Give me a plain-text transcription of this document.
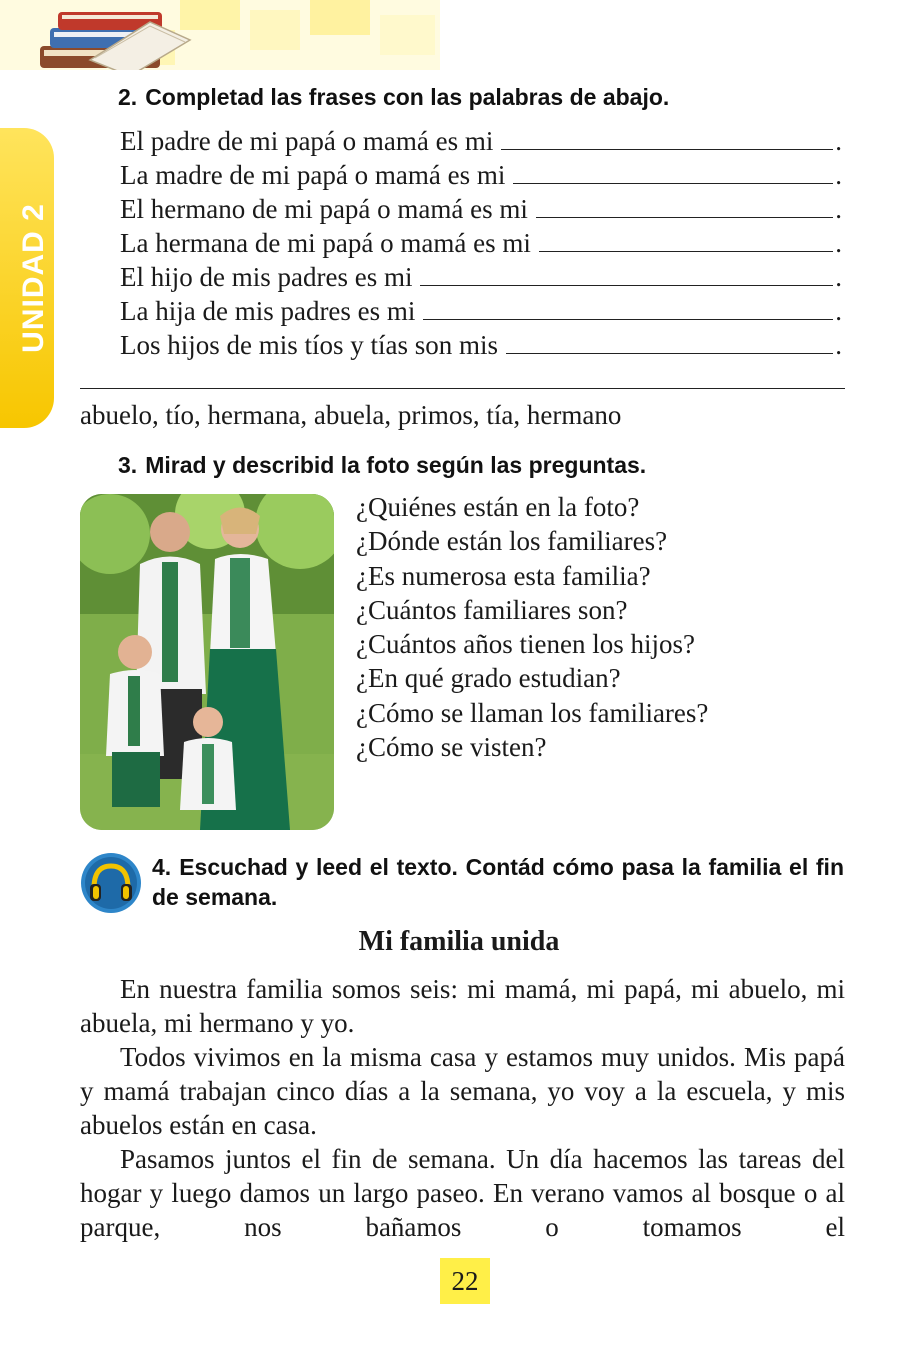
UNIDAD 2
2. Completad las frases con las palabras de abajo.
El padre de mi papá o mamá es mi	.
La madre de mi papá o mamá es mi	.
El hermano de mi papá o mamá es mi	.
La hermana de mi papá o mamá es mi	.
El hijo de mis padres es mi	.
La hija de mis padres es mi	.
Los hijos de mis tíos y tías son mis	.
abuelo, tío, hermana, abuela, primos, tía, hermano
3. Mirad y describid la foto según las preguntas.
¿Quiénes están en la foto?
¿Dónde están los familiares?
¿Es numerosa esta familia?
¿Cuántos familiares son?
¿Cuántos años tienen los hijos?
¿En qué grado estudian?
¿Cómo se llaman los familiares?
¿Cómo se visten?
4. Escuchad y leed el texto. Contád cómo pasa la familia el fin de semana.
Mi familia unida

En nuestra familia somos seis: mi mamá, mi papá, mi abuelo, mi abuela, mi hermano y yo.

Todos vivimos en la misma casa y estamos muy unidos. Mis papá y mamá trabajan cinco días a la semana, yo voy a la escuela, y mis abuelos están en casa.

Pasamos juntos el fin de semana. Un día hacemos las tareas del hogar y luego damos un largo paseo. En verano vamos al bosque o al parque, nos bañamos o tomamos el

22
